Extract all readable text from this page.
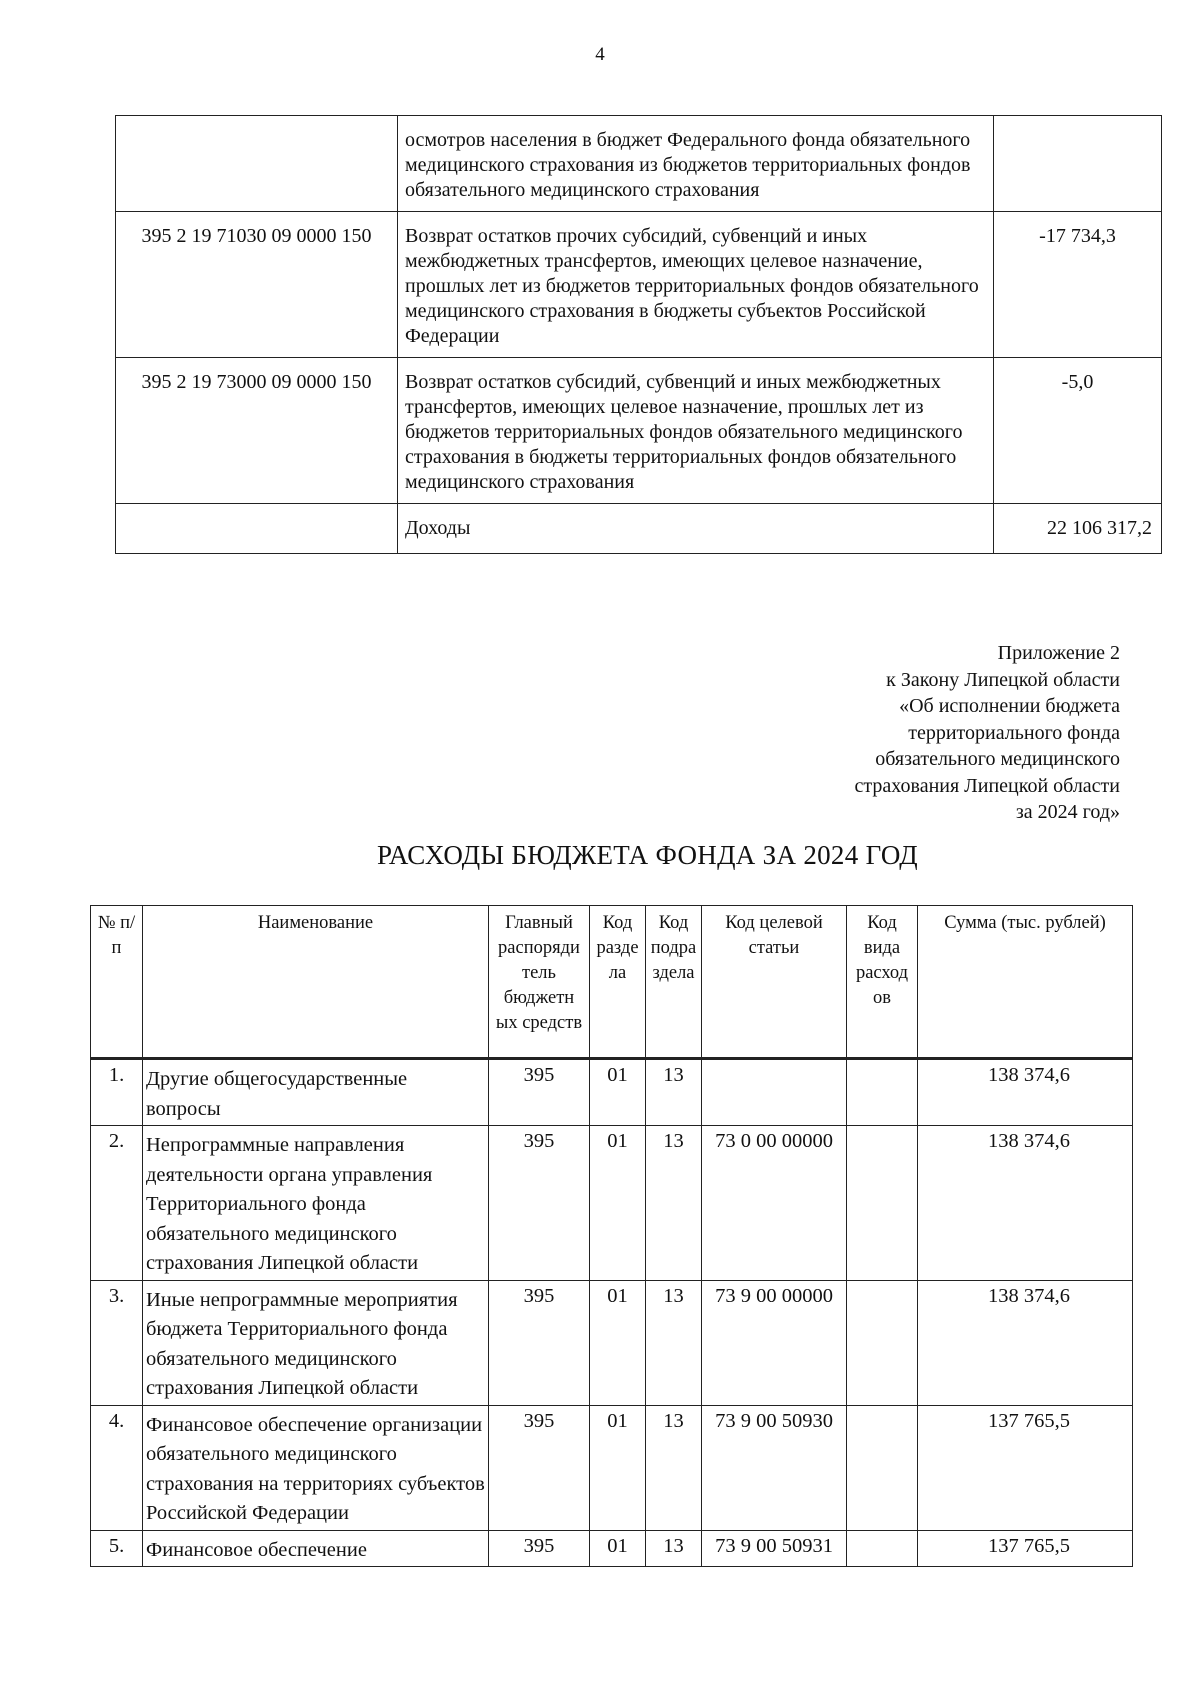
4
	осмотров населения в бюджет Федерального фонда обязательного медицинского страхования из бюджетов территориальных фондов обязательного медицинского страхования	
395 2 19 71030 09 0000 150	Возврат остатков прочих субсидий, субвенций и иных межбюджетных трансфертов, имеющих целевое назначение, прошлых лет из бюджетов территориальных фондов обязательного медицинского страхования в бюджеты субъектов Российской Федерации	-17 734,3
395 2 19 73000 09 0000 150	Возврат остатков субсидий, субвенций и иных межбюджетных трансфертов, имеющих целевое назначение, прошлых лет из бюджетов территориальных фондов обязательного медицинского страхования в бюджеты территориальных фондов обязательного медицинского страхования	-5,0
	Доходы	22 106 317,2
Приложение 2
к Закону Липецкой области
«Об исполнении бюджета
территориального фонда
обязательного медицинского
страхования Липецкой области
за 2024 год»
РАСХОДЫ БЮДЖЕТА ФОНДА ЗА 2024 ГОД
№ п/п	Наименование	Главный распоряди тель бюджетн ых средств	Код разде ла	Код подра здела	Код целевой статьи	Код вида расход ов	Сумма (тыс. рублей)
1.	Другие общегосударственные вопросы	395	01	13			138 374,6
2.	Непрограммные направления деятельности органа управления Территориального фонда обязательного медицинского страхования Липецкой области	395	01	13	73 0 00 00000		138 374,6
3.	Иные непрограммные мероприятия бюджета Территориального фонда обязательного медицинского страхования Липецкой области	395	01	13	73 9 00 00000		138 374,6
4.	Финансовое обеспечение организации обязательного медицинского страхования на территориях субъектов Российской Федерации	395	01	13	73 9 00 50930		137 765,5
5.	Финансовое обеспечение	395	01	13	73 9 00 50931		137 765,5
